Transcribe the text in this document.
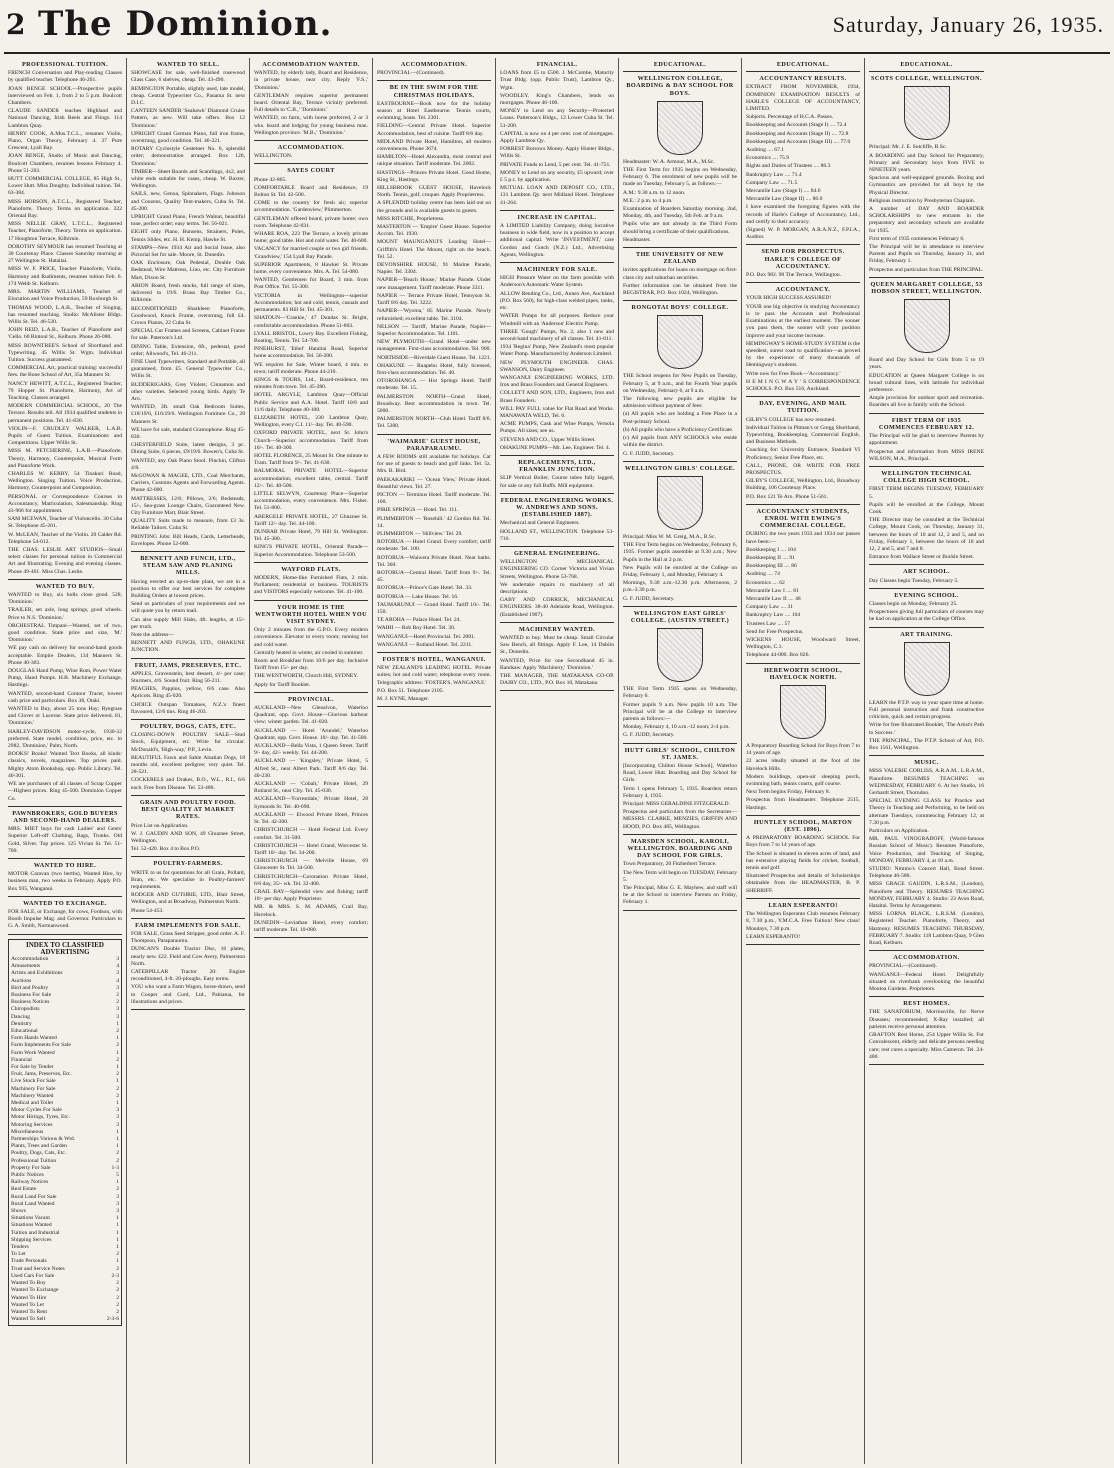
2 The Dominion.	Saturday, January 26, 1935.
PROFESSIONAL TUITION.
FRENCH Conversation and Play-reading Classes by qualified teacher. Telephone 46-201.
JOAN BENGE SCHOOL—Prospective pupils interviewed on Feb. 1, from 2 to 5 p.m. Boulcott Chambers.
CLAUDE SANDER teaches Highland and National Dancing, Irish Reels and Flings. 114 Lambton Quay.
HENRY COOK, A.Mus.T.C.L., resumes Violin, Piano, Organ Theory, February 4. 37 Pure Crescent, Lyall Bay.
JOAN BENGE, Studio of Music and Dancing, Boulcott Chambers, resumes lessons February 4. Phone 51-203.
HUTT COMMERCIAL COLLEGE, 85 High St., Lower Hutt. Miss Doughty. Individual tuition. Tel. 63-384.
MISS HOBSON, A.T.C.L., Registered Teacher, Pianoforte, Theory. Terms on application. 222 Oriental Bay.
MISS NELLIE GRAY, L.T.C.L., Registered Teacher, Pianoforte, Theory. Terms on application. 17 Houghton Terrace, Kilbirnie.
DOROTHY SEYMOUR has resumed Teaching at 30 Courtenay Place. Classes Saturday morning at 27 Wellington St. Hataitai.
MISS W. F. PRICE, Teacher Pianoforte, Violin, Harmony and Rudiments, resumes tuition Feb. 6. 174 Webb St. Kelburn.
MRS. MARTIN WILLIAMS, Teacher of Elocution and Voice Production, 59 Roxburgh St.
THOMAS WOOD, L.A.B., Teacher of Singing, has resumed teaching. Studio: McAlister Bldgs. Willis St. Tel. 46-520.
JOHN REID, L.A.B., Teacher of Pianoforte and 'Cello. 60 Rintoul St., Kelburn. Phone 26-080.
MISS ROWNTREE'S School of Shorthand and Typewriting. 45 Willis St. Wgtn. Individual Tuition. Success guaranteed.
COMMERCIAL Art, practical training: successful fees. the Bone School of Art, 35a Manners St.
NANCY HEWITT, A.T.C.L., Registered Teacher, 79 Hopper St. Pianoforte, Harmony, Art of Teaching. Classes arranged.
MODERN COMMERCIAL SCHOOL, 20 The Terrace. Results tell. All 1934 qualified students in permanent positions. Tel. 41-830.
VIOLIN—F. CRUDLEY WALKER, L.A.B. Pupils of Guest Tuition. Examinations and Competitions. Upper Willis St.
MISS M. PETCHERINE, L.A.B.—Pianoforte, Theory, Harmony, Counterpoint, Musical Form and Pianoforte Work.
CHARLES W. KERRY, 54 Tinakori Road, Wellington. Singing Tuition. Voice Production, Harmony, Counterpoint and Composition.
PERSONAL or Correspondence Courses in Accountancy, Matriculation, Salesmanship. Ring 43-966 for appointment.
SAM MCEWAN, Teacher of Violoncello. 30 Cuba St. Telephone 45-201.
W. McLEAN, Teacher of the Violin. 20 Calder Rd. Telephone 54-012.
THE CHAS. LESLIE ART STUDIOS—Small select classes for personal tuition in Commercial Art and Illustrating. Evening and evening classes. Phone 49-401. Miss Chas. Leslie.
WANTED TO BUY.
WANTED to Buy, six bolls close good. 528, 'Dominion.'
TRAILER, set axle, long springs, good wheels. Price to N.S. 'Dominion.'
ORCHESTRAL Timpani—Wanted, set of two, good condition. State price and size, 'M.' 'Dominion.'
WE pay cash on delivery for second-hand goods acceptable. Empire Dealers, 134 Manners St. Phone 40-303.
DOUGLAS Hand Pump, Wine Rum, Power Water Pump, Hand Pumps. H.B. Machinery Exchange, Hastings.
WANTED, second-hand Contour Tracer, lowest cash price and particulars. Box 38, Otaki.
WANTED to Buy, about 25 tons Hay; Ryegrass and Clover or Lucerne. State price delivered. 81, 'Dominion.'
HARLEY-DAVIDSON motor-cycle, 1930-32 preferred. State model, condition, price, etc. to 2982, 'Dominion,' Palm, North.
BOOKS! Books! Wanted Text Books, all kinds: classics, novels, magazines. Top prices paid. Mighty Atom Bookshop, opp. Public Library. Tel. 40-301.
WE are purchasers of all classes of Scrap Copper—Highest prices. Ring 45-500. Dominion Copper Co.
PAWNBROKERS, GOLD BUYERS AND SECOND-HAND DEALERS.
MRS. MIET buys for cash Ladies' and Gents' Superior Left-off Clothing, Bags, Trunks. Old Gold, Silver. Top prices. 125 Vivian St. Tel. 51-700.
WANTED TO HIRE.
MOTOR Caravan (two berths), Wanted Hire, by business man, two weeks in February. Apply P.O. Box 935, Wanganui.
WANTED TO EXCHANGE.
FOR SALE, or Exchange, for cows, Fordson, with Booth Impulse Mag. and Governor. Particulars to G. A. Smith, Normanwood.
INDEX TO CLASSIFIED ADVERTISING
Accommodation	3
Amusements	4
Artists and Exhibitions	3
Auctions	4
Bird and Poultry	3
Business For Sale	2
Business Notices	2
Chiropodists	3
Dancing	3
Dentistry	1
Educational	2
Farm Hands Wanted	1
Farm Implements For Sale	2
Farm Work Wanted	1
Financial	2
For Sale by Tender	1
Fruit, Jams, Preserves, Etc.	2
Live Stock For Sale	1
Machinery For Sale	2
Machinery Wanted	2
Medical and Toilet	1
Motor Cycles For Sale	3
Motor Hirings, Tyres, Etc.	3
Motoring Services	3
Miscellaneous	1
Partnerships Various & Wtd.	1
Plants, Trees and Garden	1
Poultry, Dogs, Cats, Etc.	2
Professional Tuition	2
Property For Sale	1-3
Public Notices	5
Railway Notices	1
Real Estate	2
Rural Land For Sale	3
Rural Land Wanted	3
Shows	3
Situations Vacant	1
Situations Wanted	1
Tuition and Industrial	1
Shipping Services	1
Tenders	1
To Let	2
Trade Personals	1
Trust and Service Notes	2
Used Cars For Sale	2-3
Wanted To Buy	2
Wanted To Exchange	2
Wanted To Hire	2
Wanted To Let	2
Wanted To Rent	2
Wanted To Sell	2-3-6
WANTED TO SELL.
SHOWCASE for sale, well-finished rosewood Glass Case, 6 shelves, cheap. Tel. 43-490.
REMINGTON Portable, slightly used, late model, cheap. Central Typewriter Co., Panama St. next D.I.C.
CANTEEN SANDER 'Seahawk' Diamond Cruise Pattern, as new. Will take offers. Box 12 'Dominion.'
UPRIGHT Grand German Piano, full iron frame, overstrung, good condition. Tel. 46-221.
ROTARY Cyclostyle Gestetner No. 6, splendid order; demonstration arranged. Box 120, 'Dominion.'
TIMBER—Sheet Boards and Scantlings, 4x2, and white ends suitable for cases, cheap. W. Baxter, Wellington.
SAILS, new, Genoa, Spinnakers, Flags. Johnson and Couzens, Quality Tent-makers, Cuba St. Tel. 45-200.
UPRIGHT Grand Piano, French Walnut, beautiful tone, perfect order; easy terms. Tel. 56-021.
EIGHT only Piano, Bunsens, Strainers, Poles, Tennis Slides, etc. H. H. Kemp, Hawke St.
STAMPS—New 1934 Air and Social Issue, also Pictorial Set for sale. Moore, St. Dunedin.
OAK Enclosure, Oak Pedestal, Double Oak Bedstead, Wire Mattress, Lino, etc. City Furniture Mart, Dixon St.
ARION Board, fresh stocks, full range of sizes, delivered to 19/6. Brass Bay Timber Co., Kilbirnie.
RECONDITIONED Sharkleen Pianoforte, Goodwood, Knock Frame, overstrung, full £4. Crown Pianos, 22 Cuba St.
SPECIAL Cut Frames and Screens, Cabinet Frame for sale. Paterson's Ltd.
DINING Table, Extension, 6ft., pedestal, good order; Allwood's, Tel. 46-211.
FINE Used Typewriters, Standard and Portable, all guaranteed, from £5. General Typewriter Co., Willis St.
BUDDERIGARS, Grey Violets; Cinnamon and other varieties. Selected young birds. Apply Te Aro.
WANTED, 3ft. small Oak Bedroom Suites, £18/19/6, £16/19/6. Wellington Furniture Co., 28 Manners St.
WE have for sale, standard Gramophone. Ring 45-830.
CHESTERFIELD Suite, latest designs, 3 pc. Dining Suite, 6 pieces, £9/19/6. Bowen's, Cuba St.
WANTED, any Oak Piano Stool. Pinchin, Clifton 4/8.
McGOWAN & MAGEE, LTD., Coal Merchants, Carriers, Customs Agents and Forwarding Agents. Phone 42-000.
MATTRESSES, 12/6; Pillows, 2/6; Bedsteads, 15/-, Sea-grass Lounge Chairs, Guaranteed New. City Furniture Mart, Blair Street.
QUALITY Suits made to measure, from £3 3s. Reliable Tailors. Cuba St.
PRINTING Jobs: Bill Heads, Cards, Letterheads, Envelopes. Phone 52-000.
BENNETT AND FUNCH, LTD., STEAM SAW AND PLANING MILLS.
Having erected an up-to-date plant, we are in a position to offer our best services for complete Building Orders at lowest prices.
Send us particulars of your requirements and we will quote you by return mail.
Can also supply Mill Slabs, 4ft. lengths, at 15/- per truck.
Note the address—
BENNETT AND FUNCH, LTD., OHAKUNE JUNCTION.
FRUIT, JAMS, PRESERVES, ETC.
APPLES, Gravenstein, best dessert, 4/- per case; Sturmers, 4/6. Sound fruit. Ring 56-211.
PEACHES, Pappins, yellow, 6/6 case. Also Apricots. Ring 45-020.
CHOICE Outspan Tomatoes, N.Z.'s finest flavoured, 12/6 tins. Ring 46-203.
POULTRY, DOGS, CATS, ETC.
CLOSING-DOWN POULTRY SALE—Stud Stock, Equipment, etc. Write for circular. McDonald's, 'High-way,' P.P., Levin.
BEAUTIFUL Fawn and Sable Alsatian Dogs, 18 months old, excellent pedigree; very quiet. Tel. 28-521.
COCKERELS and Drakes, B.O., W.L., R.I., 6/6 each. Free from Disease. Tel. 53-480.
GRAIN AND POULTRY FOOD. BEST QUALITY AT MARKET RATES.
Price List on Application.
W. J. GAUDIN AND SON, 49 Ghuznee Street, Wellington.
Tel. 52-420. Box 4 to Box P.O.
POULTRY-FARMERS.
WRITE to us for quotations for all Grain, Pollard, Bran, etc. We specialise in Poultry-farmers' requirements.
RODGER AND GUTHRIE, LTD., Blair Street, Wellington, and at Broadway, Palmerston North.
Phone 54-453.
FARM IMPLEMENTS FOR SALE.
FOR SALE, Grass Seed Stripper, good order. A. F. Thompson, Paraparaumu.
DUNCAN'S Double Tractor Disc, 16 plates, nearly new. £22. Field and Cow Avery, Palmerston North.
CATERPILLAR Tractor 20: Engine reconditioned, 4-ft. 20-ploughs. Easy terms.
YOU who want a Farm Wagon, horse-drawn, send to Cooper and Curd, Ltd., Pahiatua, for illustrations and prices.
ACCOMMODATION WANTED.
WANTED, by elderly lady, Board and Residence, in private house, near city. Reply 'F.S.,' 'Dominion.'
GENTLEMAN requires superior permanent board. Oriental Bay, Terrace vicinity preferred. Full details to 'C.B.,' 'Dominion.'
WANTED, on farm, with horse preferred, 2 or 3 wks. board and lodging for young business man. Wellington province. 'M.B.,' 'Dominion.'
ACCOMMODATION.
WELLINGTON.
SAYES COURT
Phone 42-865.
COMFORTABLE Board and Residence, 19 Bolton St. Tel. 42-500.
COME to the country for fresh air; superior accommodation. 'Gardenview,' Plimmerton.
GENTLEMAN offered board, private home; own room. Telephone 42-031.
WHARE ROA, 223 The Terrace, a lovely private home; good table. Hot and cold water. Tel. 40-600.
VACANCY for married couple or two girl friends. 'Grandview,' 154 Lyall Bay Parade.
SUPERIOR Apartments, 8 Hawker St. Private home, every convenience. Mrs. A. Tel. 54-080.
WANTED, Gentlemen for Board, 3 min. from Post Office. Tel. 55-300.
VICTORIA in Wellington—superior Accommodation; hot and cold, tennis, casuals and permanents. 83 Hill St. Tel. 45-301.
SHATOUN—'Crankie,' 47 Dundas St. Bright, comfortable accommodation. Phone 51-803.
LYALL BRISTOL, Lowry Bay. Excellent Fishing, Boating, Tennis. Tel. 54-700.
PINEHURST, 'Ethel' Hataitai Road, Superior home accommodation. Tel. 56-200.
WE requires for Sale, Winter board, 4 min. to town; tariff moderate. Phone 44-210.
KINGS & TOURS, Ltd., Board-residence, ten minutes from town. Tel. 45-280.
HOTEL ARGYLE, Lambton Quay—Official Public Service and A.A. Hotel. Tariff 10/6 and 11/6 daily. Telephone 40-100.
ELIZABETH HOTEL, 230 Lambton Quay, Wellington, every C.I. 11/- day. Tel. 40-590.
OXFORD PRIVATE HOTEL, next St. John's Church—Superior accommodation. Tariff from 10/-. Tel. 40-300.
HOTEL FLORENCE, 25 Mount St. One minute to Tram. Tariff from 9/-. Tel. 41-630.
BALMORAL PRIVATE HOTEL—Superior accommodation; excellent table, central. Tariff 12/-. Tel. 40-500.
LITTLE SELWYN, Courtenay Place—Superior accommodation, every convenience. Mrs. Fisher. Tel. 51-800.
ABERGELE PRIVATE HOTEL, 27 Ghuznee St. Tariff 12/- day. Tel. 44-100.
DUNBAR Private Hotel, 79 Hill St. Wellington. Tel. 45-380.
KING'S PRIVATE HOTEL, Oriental Parade—Superior Accommodation. Telephone 53-500.
WAYFORD FLATS.
MODERN, Home-like Furnished Flats, 2 min. Parliament; residential or business. TOURISTS and VISITORS especially welcome. Tel. 41-100.
YOUR HOME IS THE WENTWORTH HOTEL WHEN YOU VISIT SYDNEY.
Only 2 minutes from the G.P.O. Every modern convenience. Elevator to every room; running hot and cold water.
Centrally heated in winter, air cooled in summer.
Room and Breakfast from 10/6 per day. Inclusive Tariff from 15/- per day.
THE WENTWORTH, Church Hill, SYDNEY.
Apply for Tariff Booklet.
PROVINCIAL.
AUCKLAND—New Glenalvon, Waterloo Quadrant, opp. Govt. House—Glorious harbour view; winter garden. Tel. 41-020.
AUCKLAND — Hotel 'Arundel,' Waterloo Quadrant, opp. Govt. House. 10/- day. Tel. 41-500.
AUCKLAND—Bella Vista, 1 Queen Street. Tariff 9/- day, 42/- weekly. Tel. 44-200.
AUCKLAND — 'Kingsley,' Private Hotel, 5 Alfred St., near Albert Park. Tariff 8/6 day. Tel. 40-230.
AUCKLAND — 'Cobalt,' Private Hotel, 29 Rutland St., near City. Tel. 45-030.
AUCKLAND—'Forrestdale,' Private Hotel, 28 Symonds St. Tel. 40-690.
AUCKLAND — Elwood Private Hotel, Princes St. Tel. 42-300.
CHRISTCHURCH — Hotel Federal Ltd. Every comfort. Tel. 31-500.
CHRISTCHURCH — Hotel Grand, Worcester St. Tariff 10/- day. Tel. 34-200.
CHRISTCHURCH — Melville House, 69 Gloucester St. Tel. 34-500.
CHRISTCHURCH—Coronation Private Hotel, 6/6 day, 35/- wk. Tel. 32-400.
CRAIL BAY—Splendid view and fishing; tariff 10/- per day. Apply Proprietor.
MR. & MRS. S. M. ADAMS, Crail Bay, Havelock.
DUNEDIN—Leviathan Hotel, every comfort; tariff moderate. Tel. 10-080.
ACCOMMODATION.
PROVINCIAL—(Continued).
BE IN THE SWIM FOR THE CHRISTMAS HOLIDAYS.
EASTBOURNE—Book now for the holiday season at Hotel Eastbourne. Tennis courts, swimming, boats. Tel. 2301.
FIELDING—Central Private Hotel. Superior Accommodation, best of cuisine. Tariff 8/6 day.
MIDLAND Private Hotel, Hamilton, all modern conveniences. Phone 3674.
HAMILTON—Hotel Alexandra, most central and unique situation. Tariff moderate. Tel. 2002.
HASTINGS—Princes Private Hotel. Good Home, King St., Hastings.
HILLSBROOK GUEST HOUSE, Havelock North. Tennis, golf, croquet. Apply Proprietress.
A SPLENDID holiday centre has been laid out on the grounds and is available guests to guests.
MISS RITCHIE, Proprietress.
MASTERTON — 'Empire' Guest House. Superior Accom. Tel. 1930.
MOUNT MAUNGANUI'S Leading Hotel—Griffith's Hotel. The Mount, right on the beach. Tel. 52.
DEVONSHIRE HOUSE, 91 Marine Parade, Napier. Tel. 3304.
NAPIER—'Beach House,' Marine Parade. Under new management. Tariff moderate. Phone 3311.
NAPIER — Terrace Private Hotel, Tennyson St. Tariff 8/6 day. Tel. 3222.
NAPIER—'Wyoma,' 85 Marine Parade. Newly refurnished; excellent table. Tel. 3104.
NELSON — Tarriff, Marine Parade, Napier—Superior Accommodation. Tel. 1101.
NEW PLYMOUTH—Grand Hotel—under new management. First-class accommodation. Tel. 900.
NORTHSIDE—Riverdale Guest House. Tel. 1221.
OHAKUNE — Ruapehu Hotel, fully licensed, first-class accommodation. Tel. 40.
OTOROHANGA — Hot Springs Hotel. Tariff moderate. Tel. 15.
PALMERSTON NORTH—Grand Hotel, Broadway. Best accommodation in town. Tel. 5000.
PALMERSTON NORTH—Club Hotel. Tariff 8/6. Tel. 5300.
'WAIMARIE' GUEST HOUSE, PARAPARAUMU.
A FEW ROOMS still available for holidays. Car for use of guests to beach and golf links. Tel. 5z. Mrs. B. Bird.
PAEKAKARIKI — 'Ocean View,' Private Hotel. Beautiful views. Tel. 27.
PICTON — Terminus Hotel. Tariff moderate. Tel. 100.
PIRIE SPRINGS — Hotel. Tel. 111.
PLIMMERTON — 'Rosehill.' 42 Gordon Rd. Tel. 14.
PLIMMERTON — 'Hillview.' Tel. 29.
ROTORUA — Hotel Grand. Every comfort; tariff moderate. Tel. 100.
ROTORUA—Waiwera Private Hotel. Near baths. Tel. 360.
ROTORUA—Central Hotel. Tariff from 9/-. Tel. 45.
ROTORUA—Prince's Gate Hotel. Tel. 33.
ROTORUA — Lake House. Tel. 16.
TAUMARUNUI — Grand Hotel. Tariff 10/-. Tel. 150.
TE AROHA — Palace Hotel. Tel. 24.
WAIHI — Rob Roy Hotel. Tel. 30.
WANGANUI—Hotel Provincial. Tel. 2001.
WANGANUI — Rutland Hotel. Tel. 2211.
FOSTER'S HOTEL, WANGANUI.
NEW ZEALAND'S LEADING HOTEL. Private suites; hot and cold water; telephone every room. Telegraphic address: 'FOSTER'S, WANGANUI.'
P.O. Box 51. Telephone 2105.
M. J. KYNE, Manager.
FINANCIAL.
LOANS from £5 to £500. J. McCombe, Maturity Trust Bldg. (opp. Public Trust), Lambton Qy., Wgtn.
WOODLEY, King's Chambers, lends on mortgages. Phone 46-100.
MONEY to Lend on any Security—Protected Loans. Patterson's Bldgs., 12 Lower Cuba St. Tel. 51-200.
CAPITAL is now on 4 per cent. cost of mortgages. Apply Lambton Qy.
FORREST Borrows Money. Apply Hunter Bldgs., Willis St.
PRIVATE Funds to Lend, 5 per cent. Tel. 41-751.
MONEY to Lend on any security, £5 upward; over £ 5 p.c. by application.
MUTUAL LOAN AND DEPOSIT CO., LTD., 131 Lambton Qy. next Midland Hotel. Telephone 41-264.
INCREASE IN CAPITAL.
A LIMITED Liability Company, doing lucrative business in wide field, now in a position to accept additional capital. Write 'INVESTMENT,' care Gordon and Gotch (N.Z.) Ltd., Advertising Agents, Wellington.
MACHINERY FOR SALE.
HIGH Pressure Water on the farm possible with Anderson's Automatic Water System.
ALLOW Bending Co., Ltd., Annex Ave, Auckland (P.O. Box 560), for high-class welded pipes, tanks, etc.
WATER Pumps for all purposes. Reduce your Windmill with an 'Anderson' Electric Pump.
THREE 'Gough' Pumps, No. 2, also 1 new and second-hand machinery of all classes. Tel. 41-011.
1934 'Regina' Pump, New Zealand's most popular Water Pump. Manufactured by Anderson Limited.
NEW PLYMOUTH ENGINEER. CHAS. SWANSON, Dairy Engineer.
WANGANUI ENGINEERING WORKS, LTD. Iron and Brass Founders and General Engineers.
COLLETT AND SON, LTD., Engineers, Iron and Brass Founders.
WILL PAY FULL value for Flat Road and Works. MANAWATA WELD, Tel. 6.
ACME PUMPS, Cask and Wine Pumps, Vernola Pumps. All sizes; see us.
STEVENS AND CO., Upper Willis Street.
OHAKUNE PUMPS—Mr. Lee, Engineer. Tel. 4.
REPLACEMENTS, LTD., FRANKLIN JUNCTION.
SLIP Vertical Boiler, Course tubes fully lagged, for sale or any full Buffs. Mill equipment.
FEDERAL ENGINEERING WORKS. W. ANDREWS AND SONS. (ESTABLISHED 1887).
Mechanical and General Engineers.
HOLLAND ST., WELLINGTON. Telephone 53-716.
GENERAL ENGINEERING.
WELLINGTON MECHANICAL ENGINEERING CO. Corner Victoria and Vivian Streets, Wellington. Phone 53-768.
We undertake repairs to machinery of all descriptions.
GABY AND CORRICK, MECHANICAL ENGINEERS. 38-40 Adelaide Road, Wellington. (Established 1907).
MACHINERY WANTED.
WANTED to buy. Must be cheap. Small Circular Saw Bench, all fittings. Apply F. Lee, 14 Dublin St., Dunedin.
WANTED, Price for one Secondhand 45 in. Bandsaw. Apply 'Machinery,' 'Dominion.'
THE MANAGER, THE MATAKANA CO-OP. DAIRY CO., LTD., P.O. Box 10, Matakana.
EDUCATIONAL.
WELLINGTON COLLEGE, BOARDING & DAY SCHOOL FOR BOYS.
Headmaster: W. A. Armour, M.A., M.Sc.
THE First Term for 1935 begins on Wednesday, February 6. The enrolment of new pupils will be made on Tuesday, February 5, as follows:—
A.M.: 9.30 a.m. to 12 noon.
M.E.: 2 p.m. to 4 p.m.
Examination of Boarders Saturday morning. 2nd, Monday, 4th, and Tuesday, 5th Feb. at 9 a.m.
Pupils who are not already in the Third Form should bring a certificate of their qualifications.
Headmaster.
THE UNIVERSITY OF NEW ZEALAND
invites applications for loans on mortgage on first-class city and suburban securities.
Further information can be obtained from the REGISTRAR, P.O. Box 1024, Wellington.
RONGOTAI BOYS' COLLEGE.
THE School reopens for New Pupils on Tuesday, February 5, at 9 a.m., and for Fourth Year pupils on Wednesday, February 6, at 9 a.m.
The following new pupils are eligible for admission without payment of fees:
(a) All pupils who are holding a Free Place in a Post-primary School.
(b) All pupils who have a Proficiency Certificate.
(c) All pupils from ANY SCHOOLS who reside within the district.
G. F. JUDD, Secretary.
WELLINGTON GIRLS' COLLEGE.
Principal: Miss W. M. Greig, M.A., B.Sc.
THE First Term begins on Wednesday, February 6, 1935. Former pupils assemble at 9.30 a.m.; New Pupils in the Hall at 2 p.m.
New Pupils will be enrolled at the College on Friday, February 1, and Monday, February 4.
Mornings, 9.30 a.m.-12.30 p.m. Afternoons, 2 p.m.-3.30 p.m.
G. F. JUDD, Secretary.
WELLINGTON EAST GIRLS' COLLEGE. (AUSTIN STREET.)
THE First Term 1935 opens on Wednesday, February 6.
Former pupils 9 a.m. New pupils 10 a.m. The Principal will be at the College to interview parents as follows:—
Monday, February 4, 10 a.m.-12 noon; 2-4 p.m.
G. F. JUDD, Secretary.
HUTT GIRLS' SCHOOL, CHILTON ST. JAMES.
[Incorporating Chilton House School], Waterloo Road, Lower Hutt. Boarding and Day School for Girls.
Term 1 opens February 5, 1935. Boarders return February 4, 1935.
Principal: MISS GERALDINE FITZGERALD.
Prospectus and particulars from the Secretaries— MESSRS. CLARKE, MENZIES, GRIFFIN AND HOOD, P.O. Box 485, Wellington.
MARSDEN SCHOOL, KAROLI, WELLINGTON. BOARDING AND DAY SCHOOL FOR GIRLS.
Town Preparatory, 20 Fitzherbert Terrace.
The New Term will begin on TUESDAY, February 5.
The Principal, Miss G. E. Mayhew, and staff will be at the School to interview Parents on Friday, February 1.
EDUCATIONAL.
ACCOUNTANCY RESULTS.
EXTRACT FROM NOVEMBER, 1934, DOMINION EXAMINATION RESULTS of HARLE'S COLLEGE OF ACCOUNTANCY, LIMITED.
Subjects. Percentage of H.C.A. Passes.
Bookkeeping and Accounts (Stage I) .... 72.4
Bookkeeping and Accounts (Stage II) .... 72.8
Bookkeeping and Accounts (Stage III) .... 77.0
Auditing .... 67.1
Economics .... 75.9
Rights and Duties of Trustees .... 86.3
Bankruptcy Law .... 71.4
Company Law .... 71.5
Mercantile Law (Stage I) .... 84.6
Mercantile Law (Stage II) .... 86.0
I have examined the foregoing figures with the records of Harle's College of Accountancy, Ltd., and certify to their accuracy.
(Signed) W. P. MORGAN, A.R.A.N.Z., F.P.I.A., Auditor.
SEND FOR PROSPECTUS. HARLE'S COLLEGE OF ACCOUNTANCY.
P.O. Box 982. 98 The Terrace, Wellington.
ACCOUNTANCY.
YOUR HIGH SUCCESS ASSURED!
YOUR one big objective in studying Accountancy is to pass the Accounts and Professional Examinations at the earliest moment. The sooner you pass them, the sooner will your position improve and your income increase.
HEMINGWAY'S HOME-STUDY SYSTEM is the speediest, surest road to qualification—as proved by the experience of many thousands of Hemingway's students.
Write now for Free Book—'Accountancy.'
H E M I N G W A Y ' S CORRESPONDENCE SCHOOLS. P.O. Box 516, Auckland.
DAY, EVENING, AND MAIL TUITION.
GILBY'S COLLEGE has now resumed.
Individual Tuition in Pitman's or Gregg Shorthand, Typewriting, Bookkeeping, Commercial English, and Business Methods.
Coaching for: University Entrance, Standard VI Proficiency, Senior Free Place, etc.
CALL, PHONE, OR WRITE FOR FREE PROSPECTUS.
GILBY'S COLLEGE, Wellington, Ltd., Broadway Building, 106 Courtenay Place.
P.O. Box 121 Te Aro. Phone 51-561.
ACCOUNTANCY STUDENTS, ENROL WITH EWING'S COMMERCIAL COLLEGE.
DURING the two years 1933 and 1934 our passes have been:—
Bookkeeping I .... 104
Bookkeeping II .... 91
Bookkeeping III .... 86
Auditing .... 74
Economics .... 62
Mercantile Law I .... 81
Mercantile Law II .... 48
Company Law .... 31
Bankruptcy Law .... 104
Trustees Law .... 57
Send for Free Prospectus.
WICKENS HOUSE, Woodward Street, Wellington, C.1.
Telephone 44-000. Box 826.
HEREWORTH SCHOOL, HAVELOCK NORTH.
A Preparatory Boarding School for Boys from 7 to 14 years of age.
22 acres ideally situated at the foot of the Havelock Hills.
Modern buildings, open-air sleeping porch, swimming bath, tennis courts, golf course.
Next Term begins Friday, February 8.
Prospectus from Headmaster. Telephone 2515, Hastings.
HUNTLEY SCHOOL, MARTON (EST. 1896).
A PREPARATORY BOARDING SCHOOL For Boys from 7 to 14 years of age.
The School is situated in eleven acres of land, and has extensive playing fields for cricket, football, tennis and golf.
Illustrated Prospectus and details of Scholarships obtainable from the HEADMASTER, B. P. SHERRIFF.
LEARN ESPERANTO!
The Wellington Esperanto Club resumes February 8, 7.30 p.m., Y.M.C.A. Free Tuition! New class! Mondays, 7.30 p.m.
LEARN ESPERANTO!
EDUCATIONAL.
SCOTS COLLEGE, WELLINGTON.
Principal: Mr. J. E. Sutcliffe, B.Sc.
A BOARDING and Day School for Preparatory, Primary and Secondary boys from FIVE to NINETEEN years.
Spacious and well-equipped grounds. Boxing and Gymnastics are provided for all boys by the Physical Director.
Religious instruction by Presbyterian Chaplain.
A number of DAY AND BOARDER SCHOLARSHIPS to new entrants in the preparatory and secondary schools are available for 1935.
First term of 1935 commences February 6.
The Principal will be in attendance to interview Parents and Pupils on Thursday, January 31, and Friday, February 1.
Prospectus and particulars from THE PRINCIPAL.
QUEEN MARGARET COLLEGE, 53 HOBSON STREET, WELLINGTON.
Board and Day School for Girls from 5 to 19 years.
EDUCATION at Queen Margaret College is on broad cultural lines, with latitude for individual preference.
Ample provision for outdoor sport and recreation. Boarders all live in family with the School.
FIRST TERM OF 1935 COMMENCES FEBRUARY 12.
The Principal will be glad to interview Parents by appointment.
Prospectus and information from MISS IRENE WILSON, M.A., Principal.
WELLINGTON TECHNICAL COLLEGE HIGH SCHOOL.
FIRST TERM BEGINS TUESDAY, FEBRUARY 5.
Pupils will be enrolled at the College, Mount Cook.
THE Director may be consulted at the Technical College, Mount Cook, on Thursday, January 31, between the hours of 10 and 12, 2 and 5, and on Friday, February 1, between the hours of 10 and 12, 2 and 5, and 7 and 8.
Entrance from Wallace Street or Buckle Street.
ART SCHOOL.
Day Classes begin Tuesday, February 5.
EVENING SCHOOL.
Classes begin on Monday, February 25.
Prospectuses giving full particulars of courses may be had on application at the College Office.
ART TRAINING.
LEARN the P.T.P. way to your spare time at home. Full personal instruction and frank constructive criticism, quick and certain progress.
Write for free Illustrated Booklet, 'The Artist's Path to Success.'
THE PRINCIPAL, The P.T.P. School of Art, P.O. Box 1561, Wellington.
MUSIC.
MISS VALERIE CORLISS, A.R.A.M., L.R.A.M., Pianoforte. RESUMES TEACHING on WEDNESDAY, FEBRUARY 6. At her Studio, 16 Gerhardt Street, Thorndon.
SPECIAL EVENING CLASS for Practice and Theory in Teaching and Performing, to be held on alternate Tuesdays, commencing February 12, at 7.30 p.m.
Particulars on Application.
MR. PAUL VINOGRADOFF, (World-famous Russian School of Music). Resumes Pianoforte, Voice Production, and Teaching of Singing, MONDAY, FEBRUARY 4, at 10 a.m.
STUDIO: Nimmo's Concert Hall, Bond Street. Telephone 46-580.
MISS GRACE GAUDIN, L.R.S.M., (London), Pianoforte and Theory. RESUMES TEACHING MONDAY, FEBRUARY 4. Studio: 23 Avon Road, Hataitai. Terms by Arrangement.
MISS LORNA BLACK, L.R.S.M. (London), Registered Teacher. Pianoforte, Theory, and Harmony. RESUMES TEACHING THURSDAY, FEBRUARY 7. Studio: 118 Lambton Quay, 9 Glen Road, Kelburn.
ACCOMMODATION.
PROVINCIAL—(Continued).
WANGANUI—Federal Hotel. Delightfully situated on riverbank overlooking the beautiful Moutoa Gardens. Proprietors.
REST HOMES.
THE SANATORIUM, Morrinsville, for Nerve Diseases; recommended; X-Ray installed; all patients receive personal attention.
GRAFTON Rest Home, 254 Upper Willis St. For Convalescent, elderly and delicate persons needing care; rest cures a specialty. Miss Cameron. Tel. 24-400.
